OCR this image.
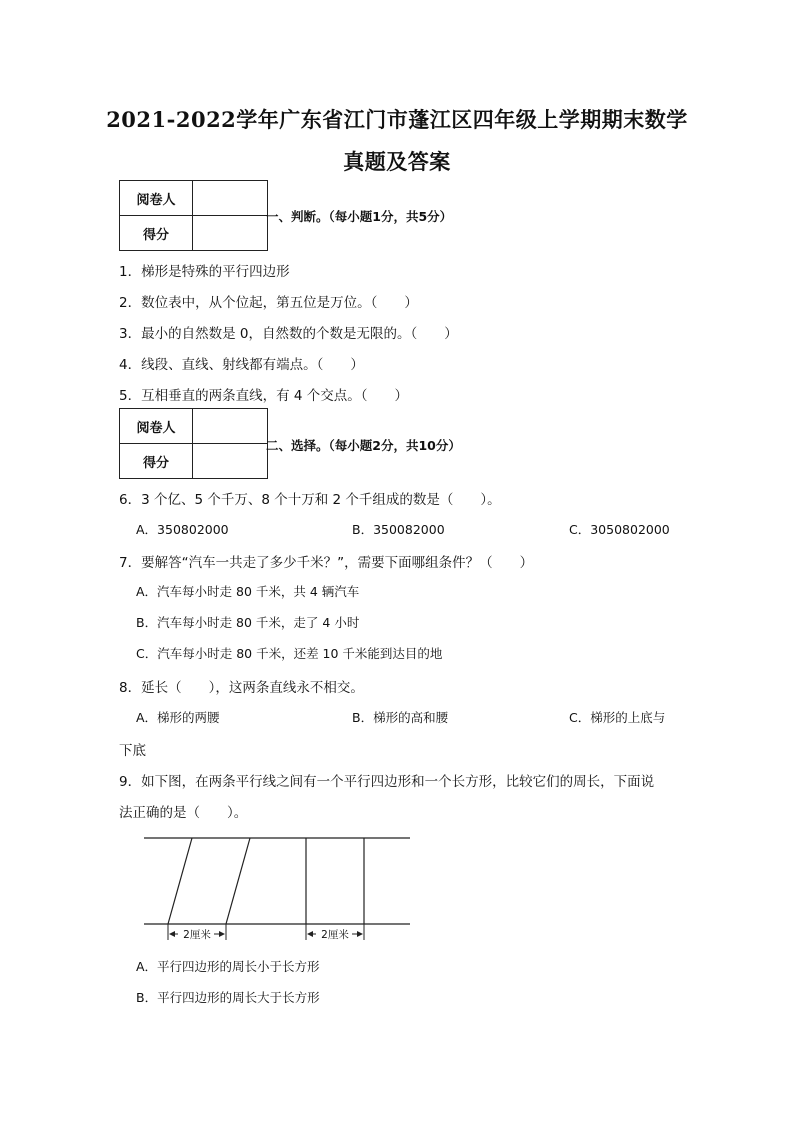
2021-2022学年广东省江门市蓬江区四年级上学期期末数学
真题及答案
阅卷人	
得分	
一、判断。（每小题1分，共5分）
1．梯形是特殊的平行四边形
2．数位表中，从个位起，第五位是万位。（　　）
3．最小的自然数是 0，自然数的个数是无限的。（　　）
4．线段、直线、射线都有端点。（　　）
5．互相垂直的两条直线，有 4 个交点。（　　）
阅卷人	
得分	
二、选择。（每小题2分，共10分）
6．3 个亿、5 个千万、8 个十万和 2 个千组成的数是（　　）。
A．350802000	B．350082000	C．3050802000
7．要解答“汽车一共走了多少千米？”，需要下面哪组条件？（　　）
A．汽车每小时走 80 千米，共 4 辆汽车
B．汽车每小时走 80 千米，走了 4 小时
C．汽车每小时走 80 千米，还差 10 千米能到达目的地
8．延长（　　），这两条直线永不相交。
A．梯形的两腰	B．梯形的高和腰	C．梯形的上底与
下底
9．如下图，在两条平行线之间有一个平行四边形和一个长方形，比较它们的周长，下面说
法正确的是（　　）。
2厘米	2厘米
A．平行四边形的周长小于长方形
B．平行四边形的周长大于长方形
